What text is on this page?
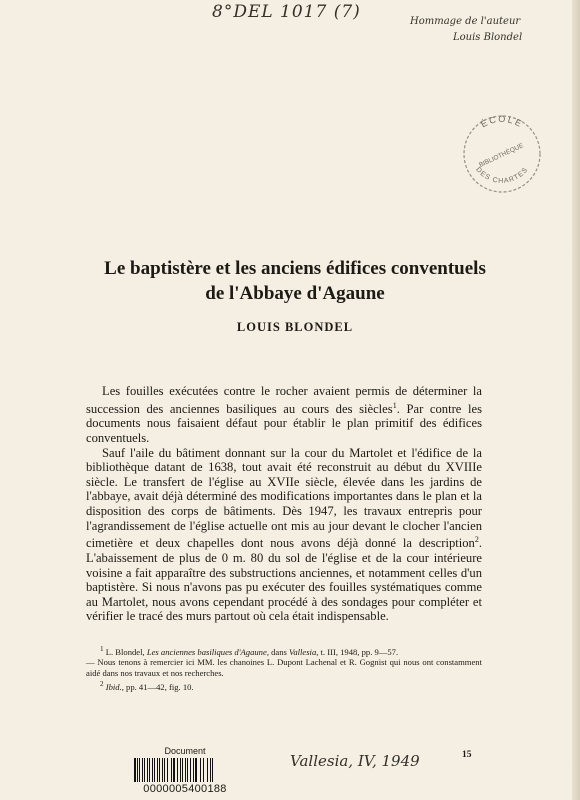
8°DEL 1017 (7)	Hommage de l'auteur
Louis Blondel
ÉCOLE
BIBLIOTHÈQUE
DES CHARTES
Le baptistère et les anciens édifices conventuels
de l'Abbaye d'Agaune
LOUIS BLONDEL

Les fouilles exécutées contre le rocher avaient permis de déterminer la succession des anciennes basiliques au cours des siècles$^1$. Par contre les documents nous faisaient défaut pour établir le plan primitif des édifices conventuels.

Sauf l'aile du bâtiment donnant sur la cour du Martolet et l'édifice de la bibliothèque datant de 1638, tout avait été reconstruit au début du XVIIIe siècle. Le transfert de l'église au XVIIe siècle, élevée dans les jardins de l'abbaye, avait déjà déterminé des modifications importantes dans le plan et la disposition des corps de bâtiments. Dès 1947, les travaux entrepris pour l'agrandissement de l'église actuelle ont mis au jour devant le clocher l'ancien cimetière et deux chapelles dont nous avons déjà donné la description$^2$. L'abaissement de plus de 0 m. 80 du sol de l'église et de la cour intérieure voisine a fait apparaître des substructions anciennes, et notamment celles d'un baptistère. Si nous n'avons pas pu exécuter des fouilles systématiques comme au Martolet, nous avons cependant procédé à des sondages pour compléter et vérifier le tracé des murs partout où cela était indispensable.

$^1$ L. Blondel, Les anciennes basiliques d'Agaune, dans Vallesia, t. III, 1948, pp. 9—57.

— Nous tenons à remercier ici MM. les chanoines L. Dupont Lachenal et R. Gognist qui nous ont constamment aidé dans nos travaux et nos recherches.

$^2$ Ibid., pp. 41—42, fig. 10.

15
Document
0000005400188
Vallesia, IV, 1949
